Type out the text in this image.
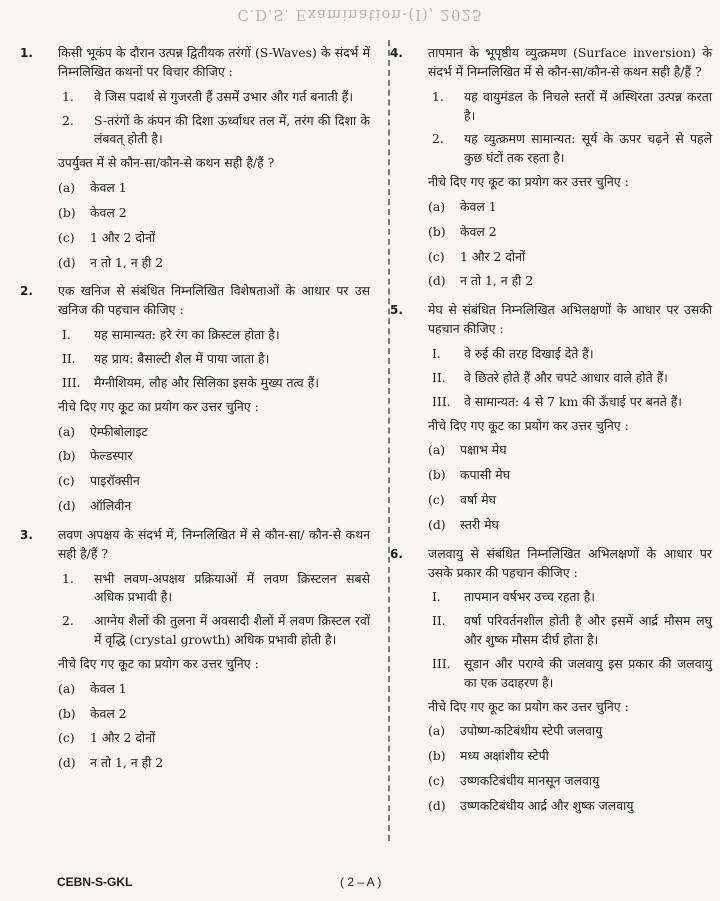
C.D.S. Examination-(I), 2025
1. किसी भूकंप के दौरान उत्पन्न द्वितीयक तरंगों (S-Waves) के संदर्भ में निम्नलिखित कथनों पर विचार कीजिए :
1.	वे जिस पदार्थ से गुजरती हैं उसमें उभार और गर्त बनाती हैं।
2.	S-तरंगों के कंपन की दिशा ऊर्ध्वाधर तल में, तरंग की दिशा के लंबवत् होती है।
उपर्युक्त में से कौन-सा/कौन-से कथन सही है/हैं ?
(a)	केवल 1
(b)	केवल 2
(c)	1 और 2 दोनों
(d)	न तो 1, न ही 2
2. एक खनिज से संबंधित निम्नलिखित विशेषताओं के आधार पर उस खनिज की पहचान कीजिए :
I.	यह सामान्यत: हरे रंग का क्रिस्टल होता है।
II.	यह प्राय: बैसाल्टी शैल में पाया जाता है।
III.	मैग्नीशियम, लौह और सिलिका इसके मुख्य तत्व हैं।
नीचे दिए गए कूट का प्रयोग कर उत्तर चुनिए :
(a)	ऐम्फीबोलाइट
(b)	फेल्डस्पार
(c)	पाइरॉक्सीन
(d)	ऑलिवीन
3. लवण अपक्षय के संदर्भ में, निम्नलिखित में से कौन-सा/ कौन-से कथन सही है/हैं ?
1.	सभी लवण-अपक्षय प्रक्रियाओं में लवण क्रिस्टलन सबसे अधिक प्रभावी है।
2.	आग्नेय शैलों की तुलना में अवसादी शैलों में लवण क्रिस्टल रवों में वृद्धि (crystal growth) अधिक प्रभावी होती है।
नीचे दिए गए कूट का प्रयोग कर उत्तर चुनिए :
(a)	केवल 1
(b)	केवल 2
(c)	1 और 2 दोनों
(d)	न तो 1, न ही 2
4. तापमान के भूपृष्ठीय व्युत्क्रमण (Surface inversion) के संदर्भ में निम्नलिखित में से कौन-सा/कौन-से कथन सही है/हैं ?
1.	यह वायुमंडल के निचले स्तरों में अस्थिरता उत्पन्न करता है।
2.	यह व्युत्क्रमण सामान्यत: सूर्य के ऊपर चढ़ने से पहले कुछ घंटों तक रहता है।
नीचे दिए गए कूट का प्रयोग कर उत्तर चुनिए :
(a)	केवल 1
(b)	केवल 2
(c)	1 और 2 दोनों
(d)	न तो 1, न ही 2
5. मेघ से संबंधित निम्नलिखित अभिलक्षणों के आधार पर उसकी पहचान कीजिए :
I.	वे रुई की तरह दिखाई देते हैं।
II.	वे छितरे होते हैं और चपटे आधार वाले होते हैं।
III.	वे सामान्यत: 4 से 7 km की ऊँचाई पर बनते हैं।
नीचे दिए गए कूट का प्रयोग कर उत्तर चुनिए :
(a)	पक्षाभ मेघ
(b)	कपासी मेघ
(c)	वर्षा मेघ
(d)	स्तरी मेघ
6. जलवायु से संबंधित निम्नलिखित अभिलक्षणों के आधार पर उसके प्रकार की पहचान कीजिए :
I.	तापमान वर्षभर उच्च रहता है।
II.	वर्षा परिवर्तनशील होती है और इसमें आर्द्र मौसम लघु और शुष्क मौसम दीर्घ होता है।
III.	सूडान और पराग्वे की जलवायु इस प्रकार की जलवायु का एक उदाहरण है।
नीचे दिए गए कूट का प्रयोग कर उत्तर चुनिए :
(a)	उपोष्ण-कटिबंधीय स्टेपी जलवायु
(b)	मध्य अक्षांशीय स्टेपी
(c)	उष्णकटिबंधीय मानसून जलवायु
(d)	उष्णकटिबंधीय आर्द्र और शुष्क जलवायु
CEBN-S-GKL	( 2 – A )
